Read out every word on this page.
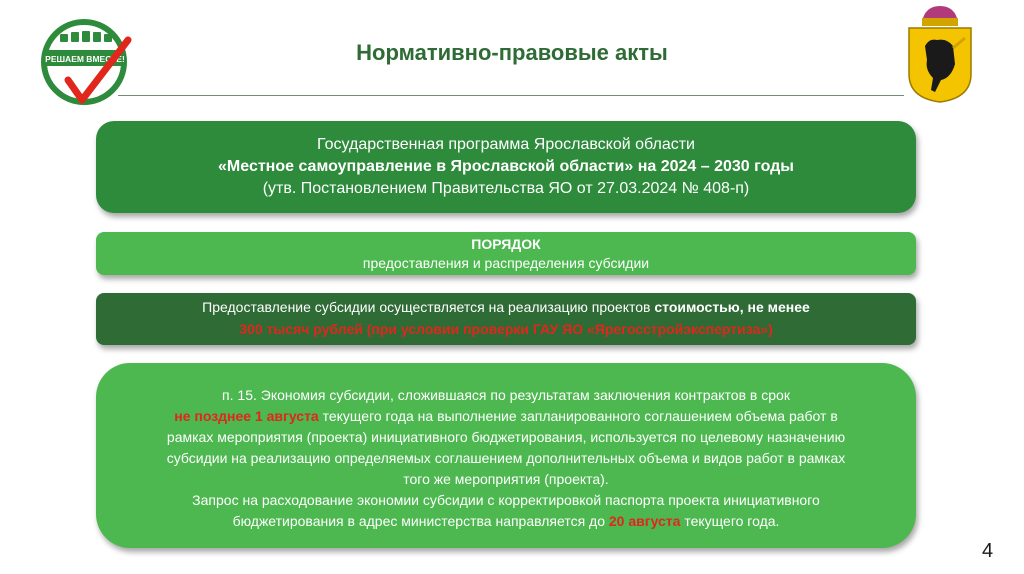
РЕШАЕМ ВМЕСТЕ!	Нормативно-правовые акты
Государственная программа Ярославской области
«Местное самоуправление в Ярославской области» на 2024 – 2030 годы
(утв. Постановлением Правительства ЯО от 27.03.2024 № 408-п)
ПОРЯДОК
предоставления и распределения субсидии
Предоставление субсидии осуществляется на реализацию проектов стоимостью, не менее
300 тысяч рублей (при условии проверки ГАУ ЯО «Ярегосстройэкспертиза»)
п. 15. Экономия субсидии, сложившаяся по результатам заключения контрактов в срок
не позднее 1 августа текущего года на выполнение запланированного соглашением объема работ в рамках мероприятия (проекта) инициативного бюджетирования, используется по целевому назначению субсидии на реализацию определяемых соглашением дополнительных объема и видов работ в рамках того же мероприятия (проекта).
Запрос на расходование экономии субсидии с корректировкой паспорта проекта инициативного бюджетирования в адрес министерства направляется до 20 августа текущего года.
4
